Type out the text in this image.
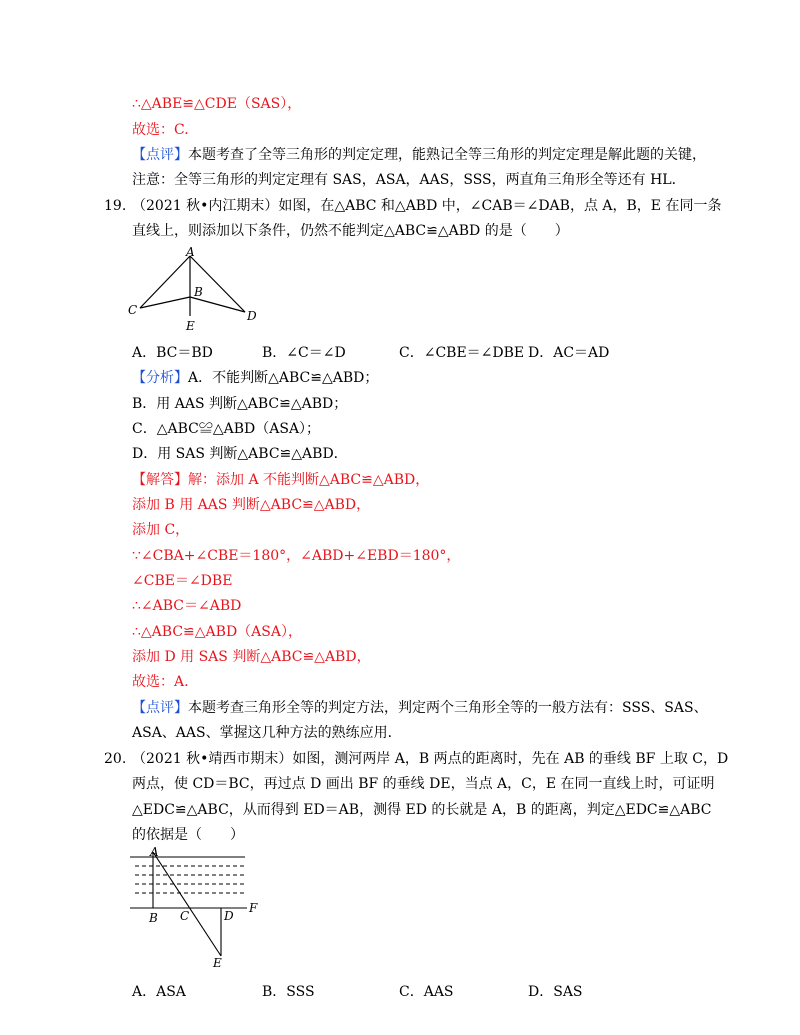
∴△ABE≌△CDE（SAS），
故选：C.
【点评】本题考查了全等三角形的判定定理，能熟记全等三角形的判定定理是解此题的关键，
注意：全等三角形的判定定理有 SAS，ASA，AAS，SSS，两直角三角形全等还有 HL．
19. （2021 秋•内江期末）如图，在△ABC 和△ABD 中，∠CAB＝∠DAB，点 A，B，E 在同一条
直线上，则添加以下条件，仍然不能判定△ABC≌△ABD 的是（　　）
A
B
C	D
E
A．BC＝BD	B．∠C＝∠D	C．∠CBE＝∠DBE D．AC＝AD
【分析】A．不能判断△ABC≌△ABD；
B．用 AAS 判断△ABC≌△ABD；
C．△ABC≌△ABD（ASA）；
D．用 SAS 判断△ABC≌△ABD．
【解答】解：添加 A 不能判断△ABC≌△ABD，
添加 B 用 AAS 判断△ABC≌△ABD，
添加 C，
∵∠CBA+∠CBE＝180°，∠ABD+∠EBD＝180°，
∠CBE＝∠DBE
∴∠ABC＝∠ABD
∴△ABC≌△ABD（ASA），
添加 D 用 SAS 判断△ABC≌△ABD，
故选：A.
【点评】本题考查三角形全等的判定方法，判定两个三角形全等的一般方法有：SSS、SAS、
ASA、AAS、掌握这几种方法的熟练应用．
20. （2021 秋•靖西市期末）如图，测河两岸 A，B 两点的距离时，先在 AB 的垂线 BF 上取 C，D
两点，使 CD＝BC，再过点 D 画出 BF 的垂线 DE，当点 A，C，E 在同一直线上时，可证明
△EDC≌△ABC，从而得到 ED＝AB，测得 ED 的长就是 A，B 的距离，判定△EDC≌△ABC
的依据是（　　）
A
B C	D
E
F
A．ASA	B．SSS	C．AAS	D．SAS
